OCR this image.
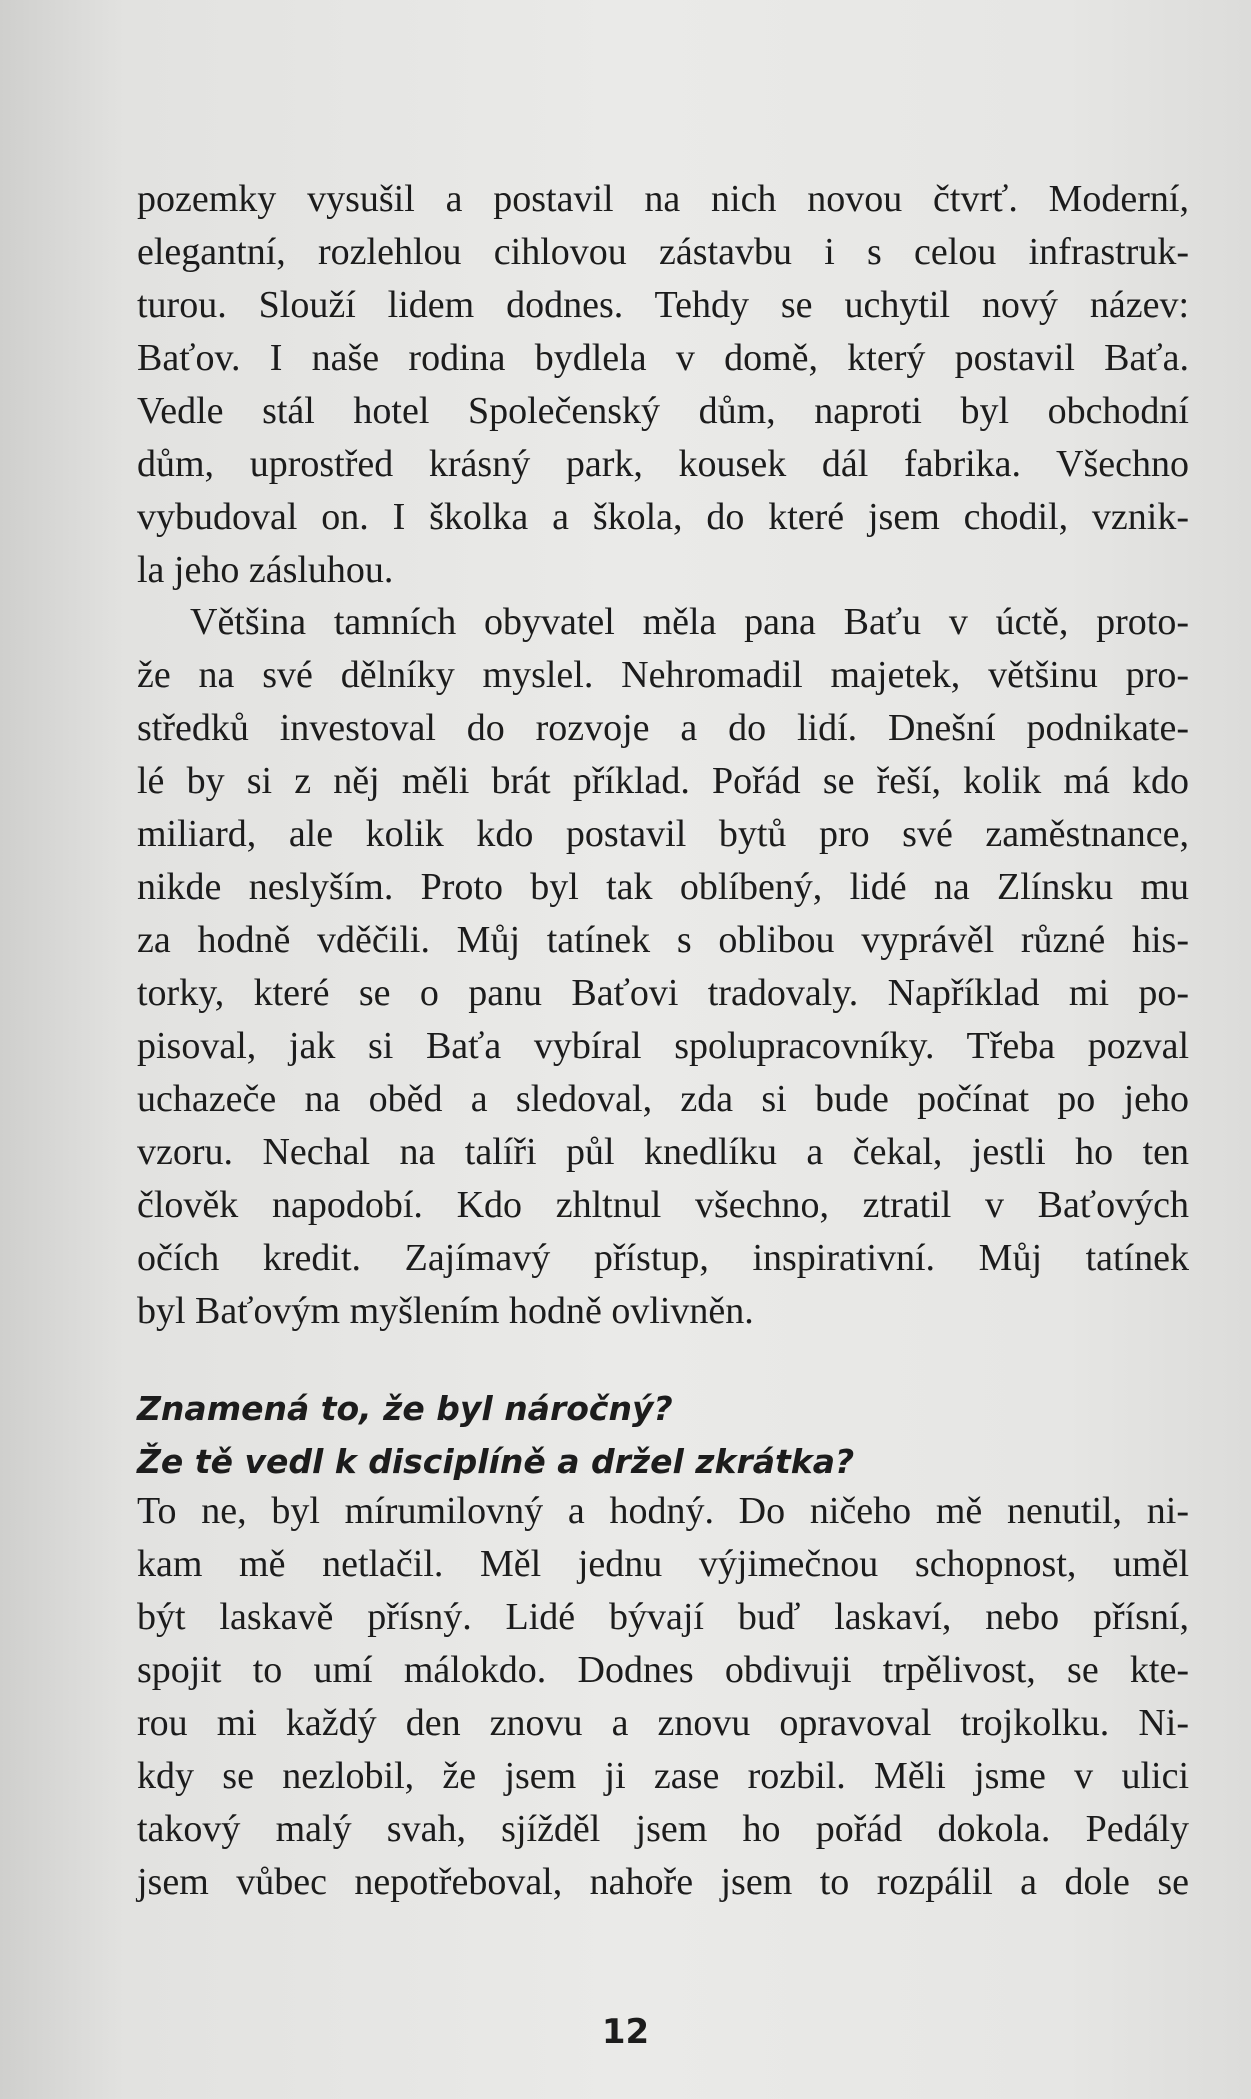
pozemky vysušil a postavil na nich novou čtvrť. Moderní,
elegantní, rozlehlou cihlovou zástavbu i s celou infrastruk-
turou. Slouží lidem dodnes. Tehdy se uchytil nový název:
Baťov. I naše rodina bydlela v domě, který postavil Baťa.
Vedle stál hotel Společenský dům, naproti byl obchodní
dům, uprostřed krásný park, kousek dál fabrika. Všechno
vybudoval on. I školka a škola, do které jsem chodil, vznik-
la jeho zásluhou.
Většina tamních obyvatel měla pana Baťu v úctě, proto-
že na své dělníky myslel. Nehromadil majetek, většinu pro-
středků investoval do rozvoje a do lidí. Dnešní podnikate-
lé by si z něj měli brát příklad. Pořád se řeší, kolik má kdo
miliard, ale kolik kdo postavil bytů pro své zaměstnance,
nikde neslyším. Proto byl tak oblíbený, lidé na Zlínsku mu
za hodně vděčili. Můj tatínek s oblibou vyprávěl různé his-
torky, které se o panu Baťovi tradovaly. Například mi po-
pisoval, jak si Baťa vybíral spolupracovníky. Třeba pozval
uchazeče na oběd a sledoval, zda si bude počínat po jeho
vzoru. Nechal na talíři půl knedlíku a čekal, jestli ho ten
člověk napodobí. Kdo zhltnul všechno, ztratil v Baťových
očích kredit. Zajímavý přístup, inspirativní. Můj tatínek
byl Baťovým myšlením hodně ovlivněn.
Znamená to, že byl náročný?
Že tě vedl k disciplíně a držel zkrátka?
To ne, byl mírumilovný a hodný. Do ničeho mě nenutil, ni-
kam mě netlačil. Měl jednu výjimečnou schopnost, uměl
být laskavě přísný. Lidé bývají buď laskaví, nebo přísní,
spojit to umí málokdo. Dodnes obdivuji trpělivost, se kte-
rou mi každý den znovu a znovu opravoval trojkolku. Ni-
kdy se nezlobil, že jsem ji zase rozbil. Měli jsme v ulici
takový malý svah, sjížděl jsem ho pořád dokola. Pedály
jsem vůbec nepotřeboval, nahoře jsem to rozpálil a dole se
12
